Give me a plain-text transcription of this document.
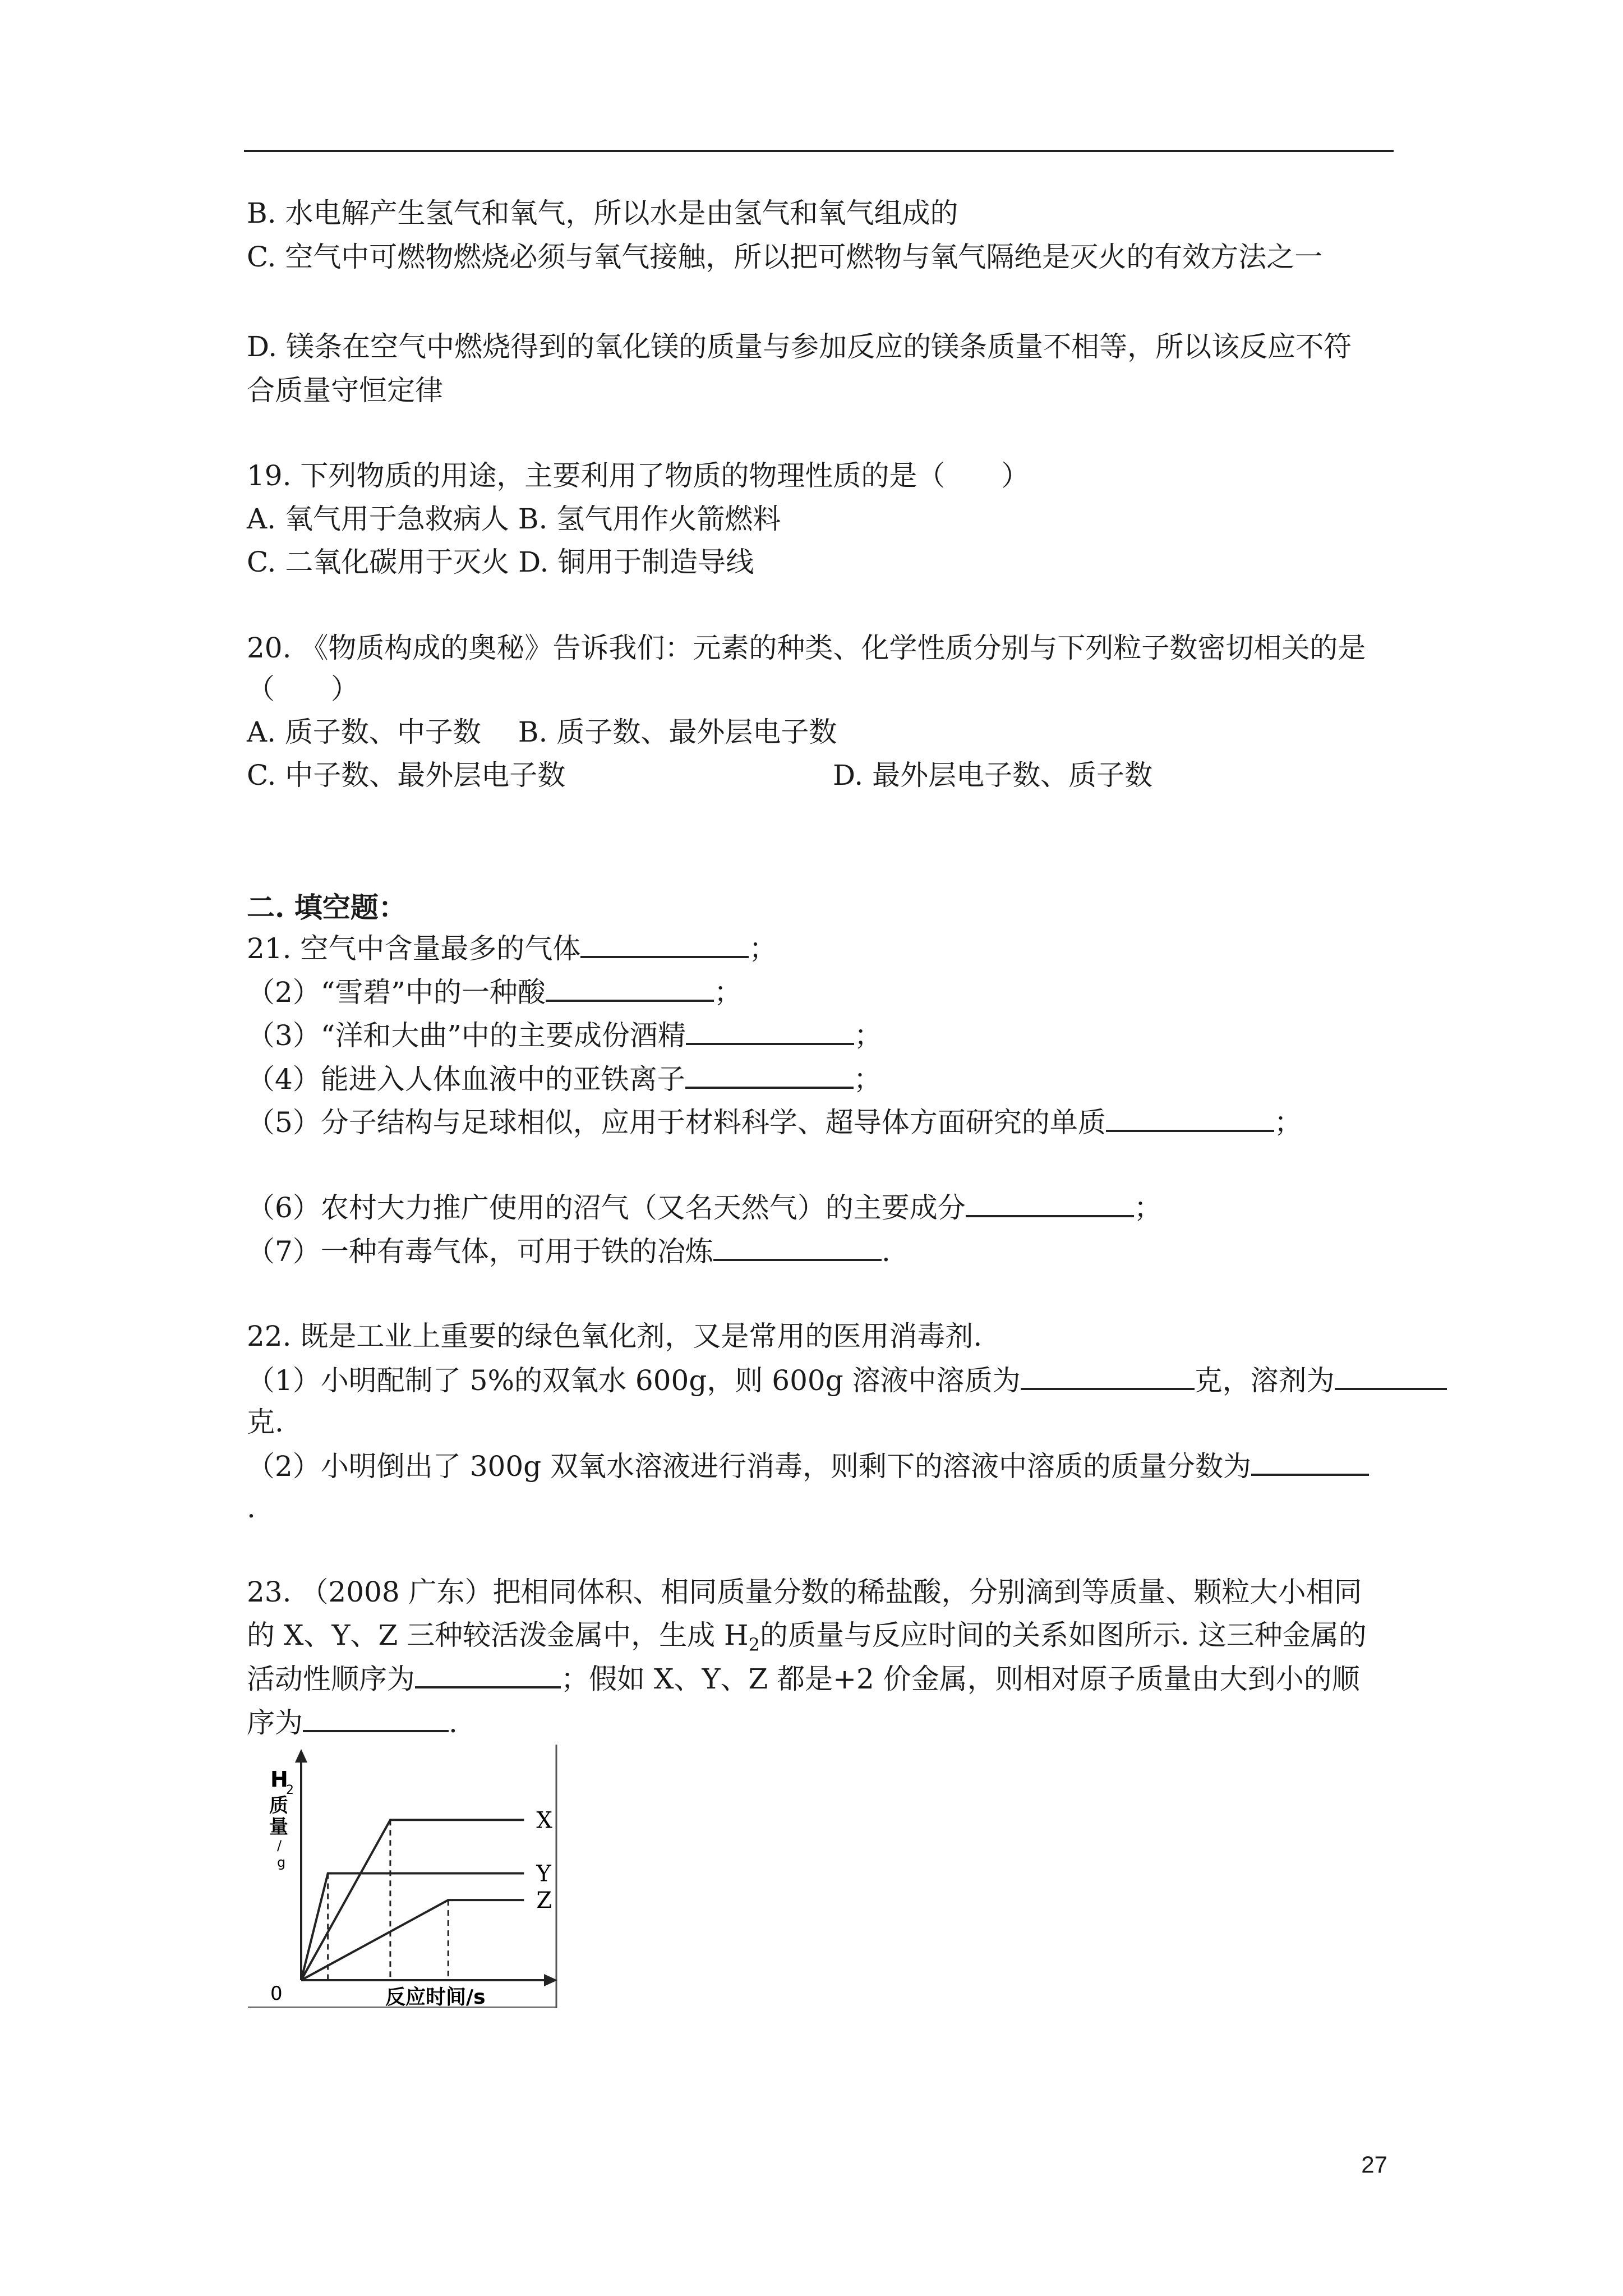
B. 水电解产生氢气和氧气，所以水是由氢气和氧气组成的
C. 空气中可燃物燃烧必须与氧气接触，所以把可燃物与氧气隔绝是灭火的有效方法之一
D. 镁条在空气中燃烧得到的氧化镁的质量与参加反应的镁条质量不相等，所以该反应不符
合质量守恒定律
19. 下列物质的用途，主要利用了物质的物理性质的是（　　）
A. 氧气用于急救病人 B. 氢气用作火箭燃料
C. 二氧化碳用于灭火 D. 铜用于制造导线
20. 《物质构成的奥秘》告诉我们：元素的种类、化学性质分别与下列粒子数密切相关的是
（　　）
A. 质子数、中子数　 B. 质子数、最外层电子数
C. 中子数、最外层电子数	D. 最外层电子数、质子数
二. 填空题：
21. 空气中含量最多的气体	；
（2）“雪碧”中的一种酸	；
（3）“洋和大曲”中的主要成份酒精	；
（4）能进入人体血液中的亚铁离子	；
（5）分子结构与足球相似，应用于材料科学、超导体方面研究的单质	；
（6）农村大力推广使用的沼气（又名天然气）的主要成分	；
（7）一种有毒气体，可用于铁的冶炼	.
22. 既是工业上重要的绿色氧化剂，又是常用的医用消毒剂.
（1）小明配制了 5%的双氧水 600g，则 600g 溶液中溶质为	克，溶剂为
克.
（2）小明倒出了 300g 双氧水溶液进行消毒，则剩下的溶液中溶质的质量分数为
.
23. （2008 广东）把相同体积、相同质量分数的稀盐酸，分别滴到等质量、颗粒大小相同
的 X、Y、Z 三种较活泼金属中，生成 $H_2$的质量与反应时间的关系如图所示. 这三种金属的
活动性顺序为	；假如 X、Y、Z 都是+2 价金属，则相对原子质量由大到小的顺
序为	.
H
2
质量/ g
0	反应时间/s
X
Y
Z
27
